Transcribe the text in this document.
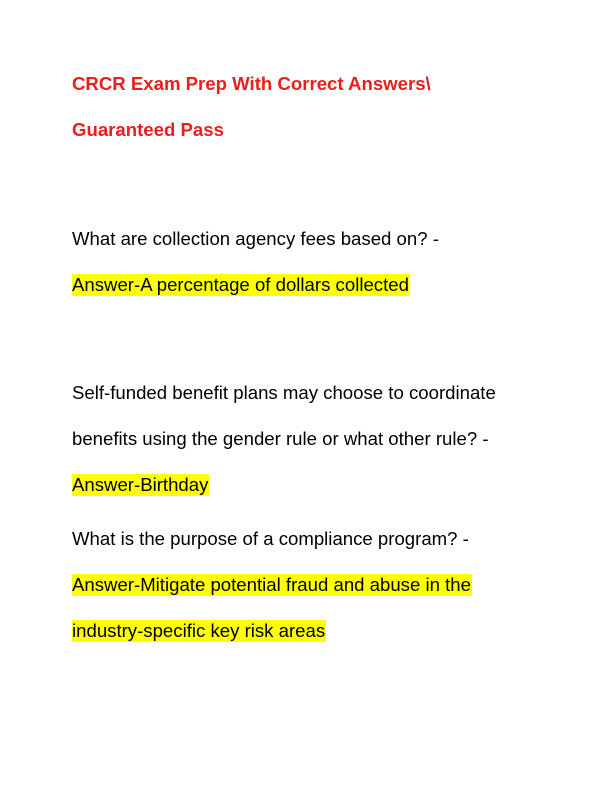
CRCR Exam Prep With Correct Answers\
Guaranteed Pass
What are collection agency fees based on? -
Answer-A percentage of dollars collected
Self-funded benefit plans may choose to coordinate
benefits using the gender rule or what other rule? -
Answer-Birthday
What is the purpose of a compliance program? -
Answer-Mitigate potential fraud and abuse in the
industry-specific key risk areas
